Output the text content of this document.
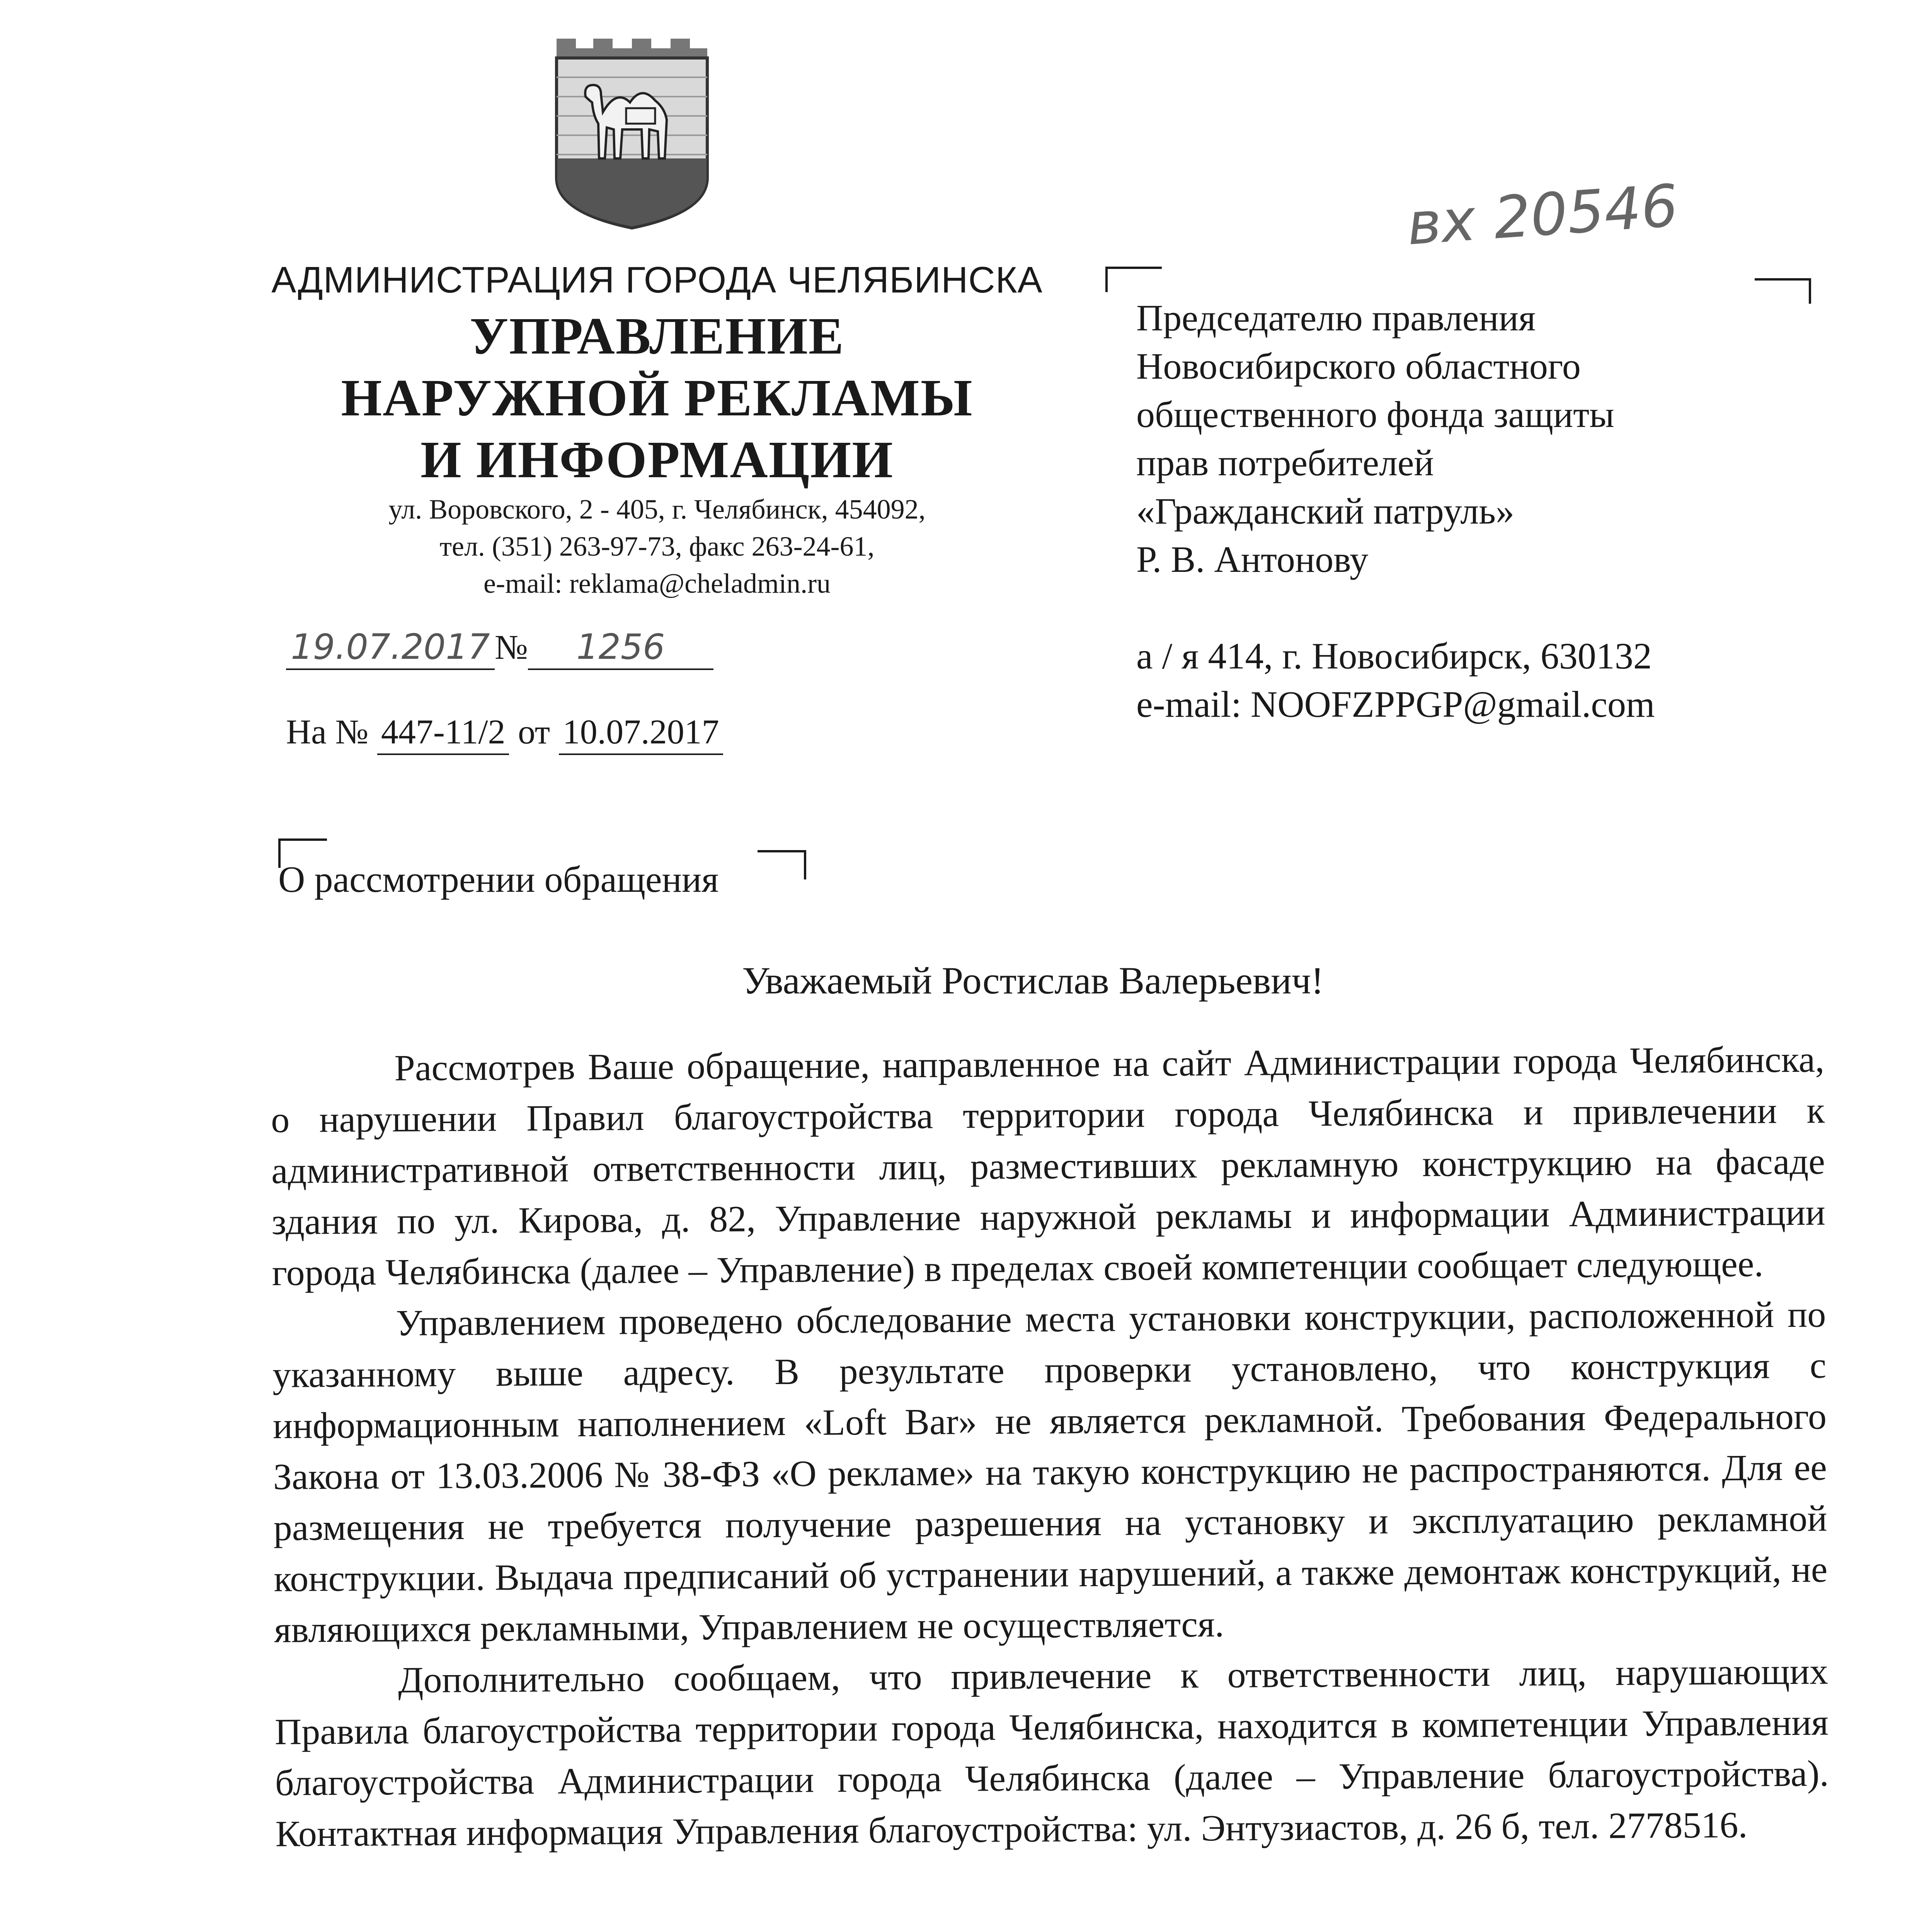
АДМИНИСТРАЦИЯ ГОРОДА ЧЕЛЯБИНСКА
УПРАВЛЕНИЕ
НАРУЖНОЙ РЕКЛАМЫ
И ИНФОРМАЦИИ
ул. Воровского, 2 - 405, г. Челябинск, 454092,
тел. (351) 263-97-73, факс 263-24-61,
e-mail: reklama@cheladmin.ru
19.07.2017 № 1256
На № 447-11/2 от 10.07.2017
вх 20546
Председателю правления
Новосибирского областного
общественного фонда защиты
прав потребителей
«Гражданский патруль»
Р. В. Антонову
а / я 414, г. Новосибирск, 630132
e-mail: NOOFZPPGP@gmail.com
О рассмотрении обращения
Уважаемый Ростислав Валерьевич!

Рассмотрев Ваше обращение, направленное на сайт Администрации города Челябинска, о нарушении Правил благоустройства территории города Челябинска и привлечении к административной ответственности лиц, разместивших рекламную конструкцию на фасаде здания по ул. Кирова, д. 82, Управление наружной рекламы и информации Администрации города Челябинска (далее – Управление) в пределах своей компетенции сообщает следующее.

Управлением проведено обследование места установки конструкции, расположенной по указанному выше адресу. В результате проверки установлено, что конструкция с информационным наполнением «Loft Bar» не является рекламной. Требования Федерального Закона от 13.03.2006 № 38-ФЗ «О рекламе» на такую конструкцию не распространяются. Для ее размещения не требуется получение разрешения на установку и эксплуатацию рекламной конструкции. Выдача предписаний об устранении нарушений, а также демонтаж конструкций, не являющихся рекламными, Управлением не осуществляется.

Дополнительно сообщаем, что привлечение к ответственности лиц, нарушающих Правила благоустройства территории города Челябинска, находится в компетенции Управления благоустройства Администрации города Челябинска (далее – Управление благоустройства). Контактная информация Управления благоустройства: ул. Энтузиастов, д. 26 б, тел. 2778516.
